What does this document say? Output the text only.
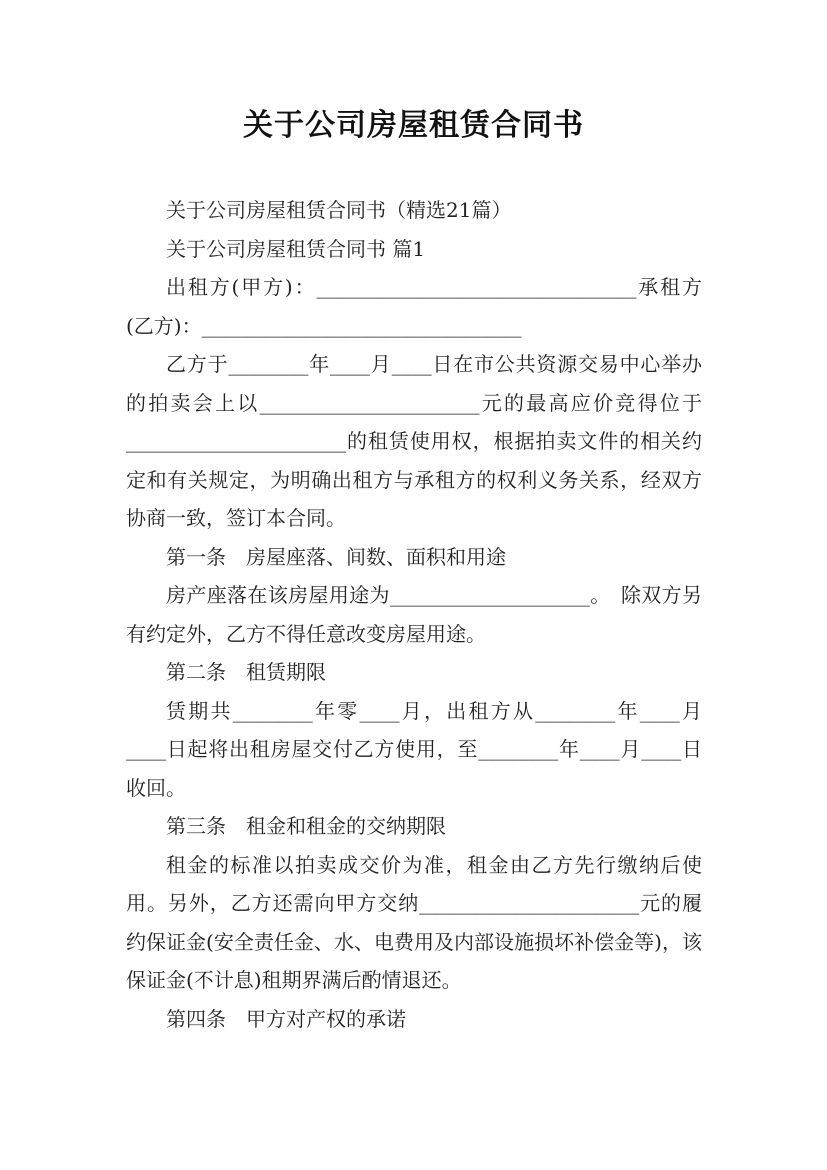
关于公司房屋租赁合同书

关于公司房屋租赁合同书（精选21篇）

关于公司房屋租赁合同书 篇1

出租方(甲方)：________________________________承租方(乙方)：________________________________

乙方于________年____月____日在市公共资源交易中心举办的拍卖会上以______________________元的最高应价竞得位于______________________的租赁使用权，根据拍卖文件的相关约定和有关规定，为明确出租方与承租方的权利义务关系，经双方协商一致，签订本合同。

第一条　房屋座落、间数、面积和用途

房产座落在该房屋用途为____________________。　除双方另有约定外，乙方不得任意改变房屋用途。

第二条　租赁期限

赁期共________年零____月，出租方从________年____月____日起将出租房屋交付乙方使用，至________年____月____日收回。

第三条　租金和租金的交纳期限

租金的标准以拍卖成交价为准，租金由乙方先行缴纳后使用。另外，乙方还需向甲方交纳______________________元的履约保证金(安全责任金、水、电费用及内部设施损坏补偿金等)，该保证金(不计息)租期界满后酌情退还。

第四条　甲方对产权的承诺
